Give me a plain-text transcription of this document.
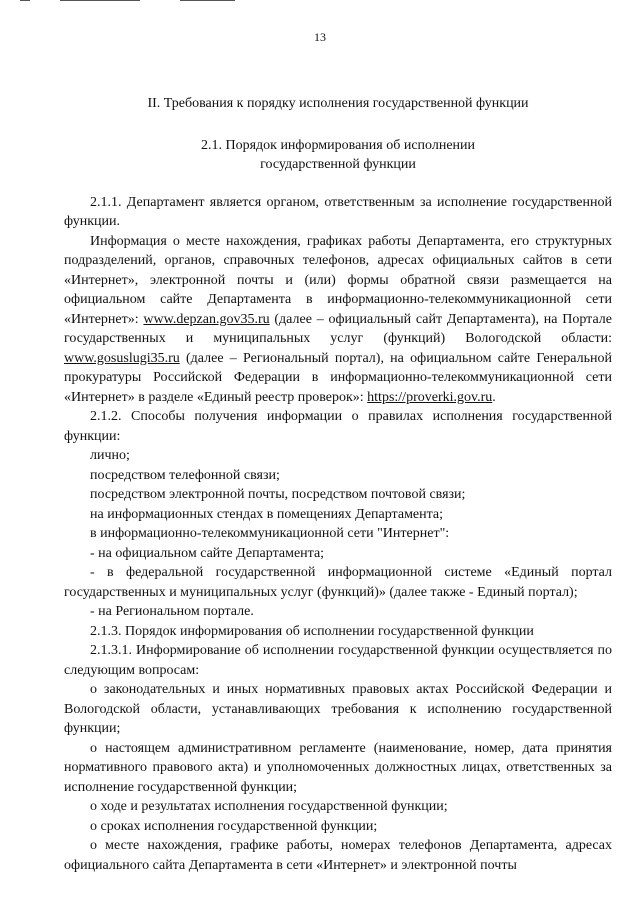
13
II. Требования к порядку исполнения государственной функции
2.1. Порядок информирования об исполнении
государственной функции

2.1.1. Департамент является органом, ответственным за исполнение государственной функции.

Информация о месте нахождения, графиках работы Департамента, его структурных подразделений, органов, справочных телефонов, адресах официальных сайтов в сети «Интернет», электронной почты и (или) формы обратной связи размещается на официальном сайте Департамента в информационно-телекоммуникационной сети «Интернет»: www.depzan.gov35.ru (далее – официальный сайт Департамента), на Портале государственных и муниципальных услуг (функций) Вологодской области: www.gosuslugi35.ru (далее – Региональный портал), на официальном сайте Генеральной прокуратуры Российской Федерации в информационно-телекоммуникационной сети «Интернет» в разделе «Единый реестр проверок»: https://proverki.gov.ru.

2.1.2. Способы получения информации о правилах исполнения государственной функции:

лично;

посредством телефонной связи;

посредством электронной почты, посредством почтовой связи;

на информационных стендах в помещениях Департамента;

в информационно-телекоммуникационной сети "Интернет":

- на официальном сайте Департамента;

- в федеральной государственной информационной системе «Единый портал государственных и муниципальных услуг (функций)» (далее также - Единый портал);

- на Региональном портале.

2.1.3. Порядок информирования об исполнении государственной функции

2.1.3.1. Информирование об исполнении государственной функции осуществляется по следующим вопросам:

о законодательных и иных нормативных правовых актах Российской Федерации и Вологодской области, устанавливающих требования к исполнению государственной функции;

о настоящем административном регламенте (наименование, номер, дата принятия нормативного правового акта) и уполномоченных должностных лицах, ответственных за исполнение государственной функции;

о ходе и результатах исполнения государственной функции;

о сроках исполнения государственной функции;

о месте нахождения, графике работы, номерах телефонов Департамента, адресах официального сайта Департамента в сети «Интернет» и электронной почты
